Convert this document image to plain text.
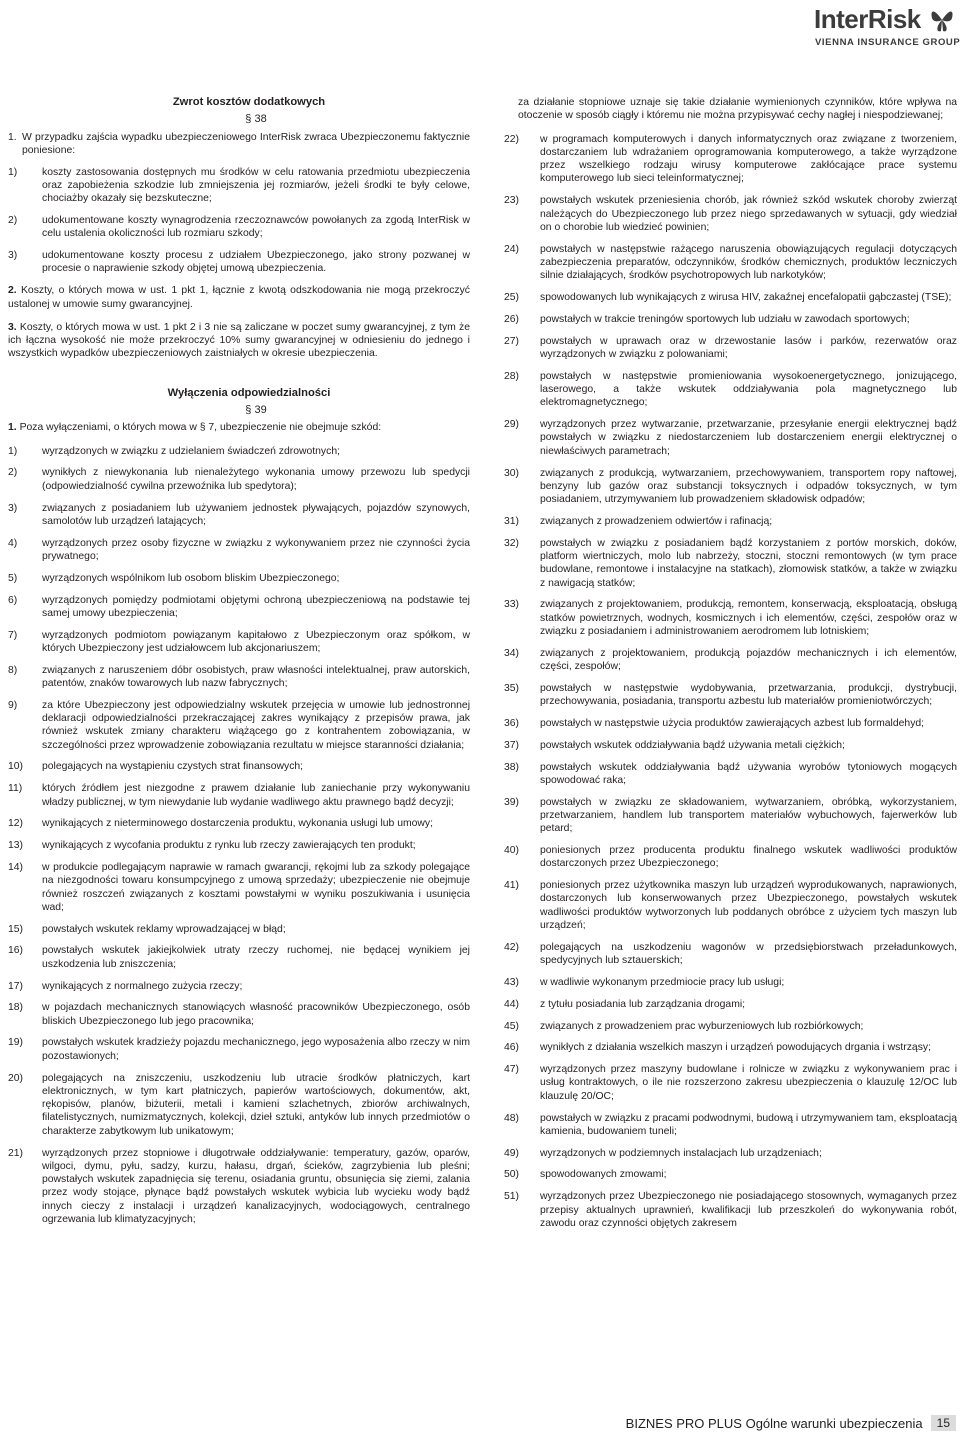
InterRisk
VIENNA INSURANCE GROUP
Zwrot kosztów dodatkowych
§ 38
1. W przypadku zajścia wypadku ubezpieczeniowego InterRisk zwraca Ubezpieczonemu faktycznie poniesione:
1)	koszty zastosowania dostępnych mu środków w celu ratowania przedmiotu ubezpieczenia oraz zapobieżenia szkodzie lub zmniejszenia jej rozmiarów, jeżeli środki te były celowe, chociażby okazały się bezskuteczne;
2)	udokumentowane koszty wynagrodzenia rzeczoznawców powołanych za zgodą InterRisk w celu ustalenia okoliczności lub rozmiaru szkody;
3)	udokumentowane koszty procesu z udziałem Ubezpieczonego, jako strony pozwanej w procesie o naprawienie szkody objętej umową ubezpieczenia.

2. Koszty, o których mowa w ust. 1 pkt 1, łącznie z kwotą odszkodowania nie mogą przekroczyć ustalonej w umowie sumy gwarancyjnej.

3. Koszty, o których mowa w ust. 1 pkt 2 i 3 nie są zaliczane w poczet sumy gwarancyjnej, z tym że ich łączna wysokość nie może przekroczyć 10% sumy gwarancyjnej w odniesieniu do jednego i wszystkich wypadków ubezpieczeniowych zaistniałych w okresie ubezpieczenia.

Wyłączenia odpowiedzialności
§ 39

1. Poza wyłączeniami, o których mowa w § 7, ubezpieczenie nie obejmuje szkód:

1)	wyrządzonych w związku z udzielaniem świadczeń zdrowotnych;
2)	wynikłych z niewykonania lub nienależytego wykonania umowy przewozu lub spedycji (odpowiedzialność cywilna przewoźnika lub spedytora);
3)	związanych z posiadaniem lub używaniem jednostek pływających, pojazdów szynowych, samolotów lub urządzeń latających;
4)	wyrządzonych przez osoby fizyczne w związku z wykonywaniem przez nie czynności życia prywatnego;
5)	wyrządzonych wspólnikom lub osobom bliskim Ubezpieczonego;
6)	wyrządzonych pomiędzy podmiotami objętymi ochroną ubezpieczeniową na podstawie tej samej umowy ubezpieczenia;
7)	wyrządzonych podmiotom powiązanym kapitałowo z Ubezpieczonym oraz spółkom, w których Ubezpieczony jest udziałowcem lub akcjonariuszem;
8)	związanych z naruszeniem dóbr osobistych, praw własności intelektualnej, praw autorskich, patentów, znaków towarowych lub nazw fabrycznych;
9)	za które Ubezpieczony jest odpowiedzialny wskutek przejęcia w umowie lub jednostronnej deklaracji odpowiedzialności przekraczającej zakres wynikający z przepisów prawa, jak również wskutek zmiany charakteru wiążącego go z kontrahentem zobowiązania, w szczególności przez wprowadzenie zobowiązania rezultatu w miejsce staranności działania;
10)	polegających na wystąpieniu czystych strat finansowych;
11)	których źródłem jest niezgodne z prawem działanie lub zaniechanie przy wykonywaniu władzy publicznej, w tym niewydanie lub wydanie wadliwego aktu prawnego bądź decyzji;
12)	wynikających z nieterminowego dostarczenia produktu, wykonania usługi lub umowy;
13)	wynikających z wycofania produktu z rynku lub rzeczy zawierających ten produkt;
14)	w produkcie podlegającym naprawie w ramach gwarancji, rękojmi lub za szkody polegające na niezgodności towaru konsumpcyjnego z umową sprzedaży; ubezpieczenie nie obejmuje również roszczeń związanych z kosztami powstałymi w wyniku poszukiwania i usunięcia wad;
15)	powstałych wskutek reklamy wprowadzającej w błąd;
16)	powstałych wskutek jakiejkolwiek utraty rzeczy ruchomej, nie będącej wynikiem jej uszkodzenia lub zniszczenia;
17)	wynikających z normalnego zużycia rzeczy;
18)	w pojazdach mechanicznych stanowiących własność pracowników Ubezpieczonego, osób bliskich Ubezpieczonego lub jego pracownika;
19)	powstałych wskutek kradzieży pojazdu mechanicznego, jego wyposażenia albo rzeczy w nim pozostawionych;
20)	polegających na zniszczeniu, uszkodzeniu lub utracie środków płatniczych, kart elektronicznych, w tym kart płatniczych, papierów wartościowych, dokumentów, akt, rękopisów, planów, biżuterii, metali i kamieni szlachetnych, zbiorów archiwalnych, filatelistycznych, numizmatycznych, kolekcji, dzieł sztuki, antyków lub innych przedmiotów o charakterze zabytkowym lub unikatowym;
21)	wyrządzonych przez stopniowe i długotrwałe oddziaływanie: temperatury, gazów, oparów, wilgoci, dymu, pyłu, sadzy, kurzu, hałasu, drgań, ścieków, zagrzybienia lub pleśni; powstałych wskutek zapadnięcia się terenu, osiadania gruntu, obsunięcia się ziemi, zalania przez wody stojące, płynące bądź powstałych wskutek wybicia lub wycieku wody bądź innych cieczy z instalacji i urządzeń kanalizacyjnych, wodociągowych, centralnego ogrzewania lub klimatyzacyjnych;

za działanie stopniowe uznaje się takie działanie wymienionych czynników, które wpływa na otoczenie w sposób ciągły i któremu nie można przypisywać cechy nagłej i niespodziewanej;

22)	w programach komputerowych i danych informatycznych oraz związane z tworzeniem, dostarczaniem lub wdrażaniem oprogramowania komputerowego, a także wyrządzone przez wszelkiego rodzaju wirusy komputerowe zakłócające prace systemu komputerowego lub sieci teleinformatycznej;
23)	powstałych wskutek przeniesienia chorób, jak również szkód wskutek choroby zwierząt należących do Ubezpieczonego lub przez niego sprzedawanych w sytuacji, gdy wiedział on o chorobie lub wiedzieć powinien;
24)	powstałych w następstwie rażącego naruszenia obowiązujących regulacji dotyczących zabezpieczenia preparatów, odczynników, środków chemicznych, produktów leczniczych silnie działających, środków psychotropowych lub narkotyków;
25)	spowodowanych lub wynikających z wirusa HIV, zakaźnej encefalopatii gąbczastej (TSE);
26)	powstałych w trakcie treningów sportowych lub udziału w zawodach sportowych;
27)	powstałych w uprawach oraz w drzewostanie lasów i parków, rezerwatów oraz wyrządzonych w związku z polowaniami;
28)	powstałych w następstwie promieniowania wysokoenergetycznego, jonizującego, laserowego, a także wskutek oddziaływania pola magnetycznego lub elektromagnetycznego;
29)	wyrządzonych przez wytwarzanie, przetwarzanie, przesyłanie energii elektrycznej bądź powstałych w związku z niedostarczeniem lub dostarczeniem energii elektrycznej o niewłaściwych parametrach;
30)	związanych z produkcją, wytwarzaniem, przechowywaniem, transportem ropy naftowej, benzyny lub gazów oraz substancji toksycznych i odpadów toksycznych, w tym posiadaniem, utrzymywaniem lub prowadzeniem składowisk odpadów;
31)	związanych z prowadzeniem odwiertów i rafinacją;
32)	powstałych w związku z posiadaniem bądź korzystaniem z portów morskich, doków, platform wiertniczych, molo lub nabrzeży, stoczni, stoczni remontowych (w tym prace budowlane, remontowe i instalacyjne na statkach), złomowisk statków, a także w związku z nawigacją statków;
33)	związanych z projektowaniem, produkcją, remontem, konserwacją, eksploatacją, obsługą statków powietrznych, wodnych, kosmicznych i ich elementów, części, zespołów oraz w związku z posiadaniem i administrowaniem aerodromem lub lotniskiem;
34)	związanych z projektowaniem, produkcją pojazdów mechanicznych i ich elementów, części, zespołów;
35)	powstałych w następstwie wydobywania, przetwarzania, produkcji, dystrybucji, przechowywania, posiadania, transportu azbestu lub materiałów promieniotwórczych;
36)	powstałych w następstwie użycia produktów zawierających azbest lub formaldehyd;
37)	powstałych wskutek oddziaływania bądź używania metali ciężkich;
38)	powstałych wskutek oddziaływania bądź używania wyrobów tytoniowych mogących spowodować raka;
39)	powstałych w związku ze składowaniem, wytwarzaniem, obróbką, wykorzystaniem, przetwarzaniem, handlem lub transportem materiałów wybuchowych, fajerwerków lub petard;
40)	poniesionych przez producenta produktu finalnego wskutek wadliwości produktów dostarczonych przez Ubezpieczonego;
41)	poniesionych przez użytkownika maszyn lub urządzeń wyprodukowanych, naprawionych, dostarczonych lub konserwowanych przez Ubezpieczonego, powstałych wskutek wadliwości produktów wytworzonych lub poddanych obróbce z użyciem tych maszyn lub urządzeń;
42)	polegających na uszkodzeniu wagonów w przedsiębiorstwach przeładunkowych, spedycyjnych lub sztauerskich;
43)	w wadliwie wykonanym przedmiocie pracy lub usługi;
44)	z tytułu posiadania lub zarządzania drogami;
45)	związanych z prowadzeniem prac wyburzeniowych lub rozbiórkowych;
46)	wynikłych z działania wszelkich maszyn i urządzeń powodujących drgania i wstrząsy;
47)	wyrządzonych przez maszyny budowlane i rolnicze w związku z wykonywaniem prac i usług kontraktowych, o ile nie rozszerzono zakresu ubezpieczenia o klauzulę 12/OC lub klauzulę 20/OC;
48)	powstałych w związku z pracami podwodnymi, budową i utrzymywaniem tam, eksploatacją kamienia, budowaniem tuneli;
49)	wyrządzonych w podziemnych instalacjach lub urządzeniach;
50)	spowodowanych zmowami;
51)	wyrządzonych przez Ubezpieczonego nie posiadającego stosownych, wymaganych przez przepisy aktualnych uprawnień, kwalifikacji lub przeszkoleń do wykonywania robót, zawodu oraz czynności objętych zakresem
BIZNES PRO PLUS Ogólne warunki ubezpieczenia	15
